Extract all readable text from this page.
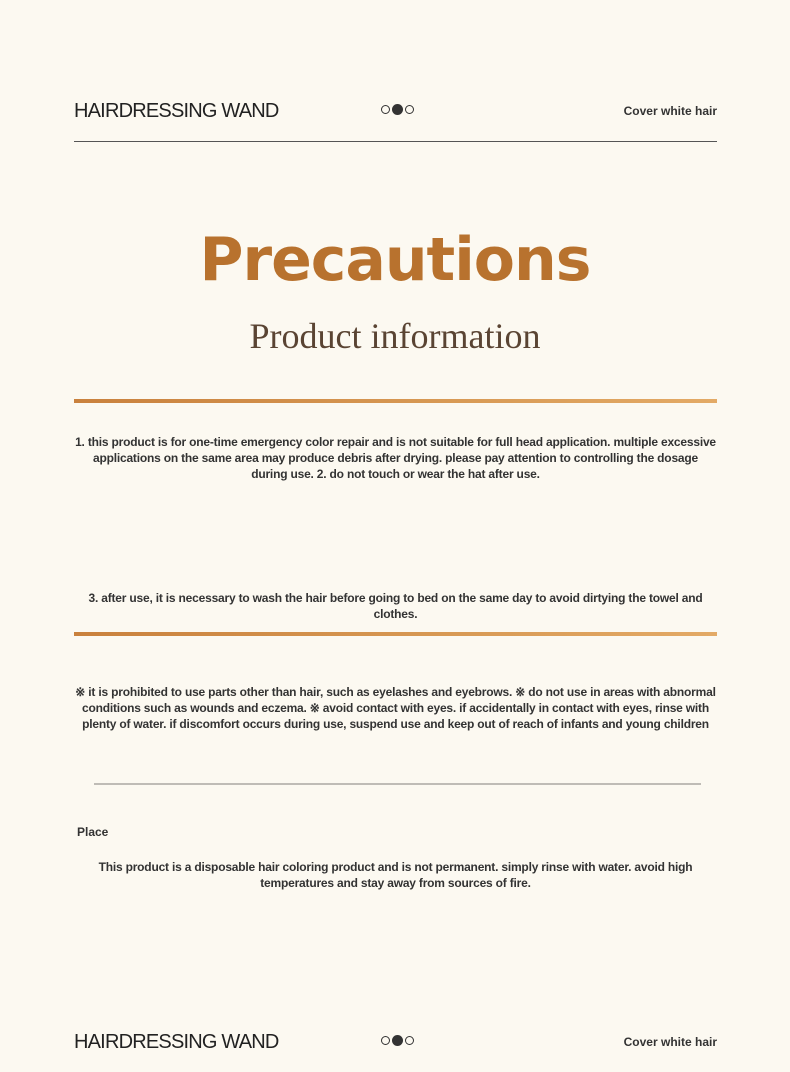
HAIRDRESSING WAND	Cover white hair
Precautions
Product information
1. this product is for one-time emergency color repair and is not suitable for full head application. multiple excessive applications on the same area may produce debris after drying. please pay attention to controlling the dosage during use. 2. do not touch or wear the hat after use.
3. after use, it is necessary to wash the hair before going to bed on the same day to avoid dirtying the towel and clothes.
※ it is prohibited to use parts other than hair, such as eyelashes and eyebrows. ※ do not use in areas with abnormal conditions such as wounds and eczema. ※ avoid contact with eyes. if accidentally in contact with eyes, rinse with plenty of water. if discomfort occurs during use, suspend use and keep out of reach of infants and young children
Place
This product is a disposable hair coloring product and is not permanent. simply rinse with water. avoid high temperatures and stay away from sources of fire.
HAIRDRESSING WAND	Cover white hair
